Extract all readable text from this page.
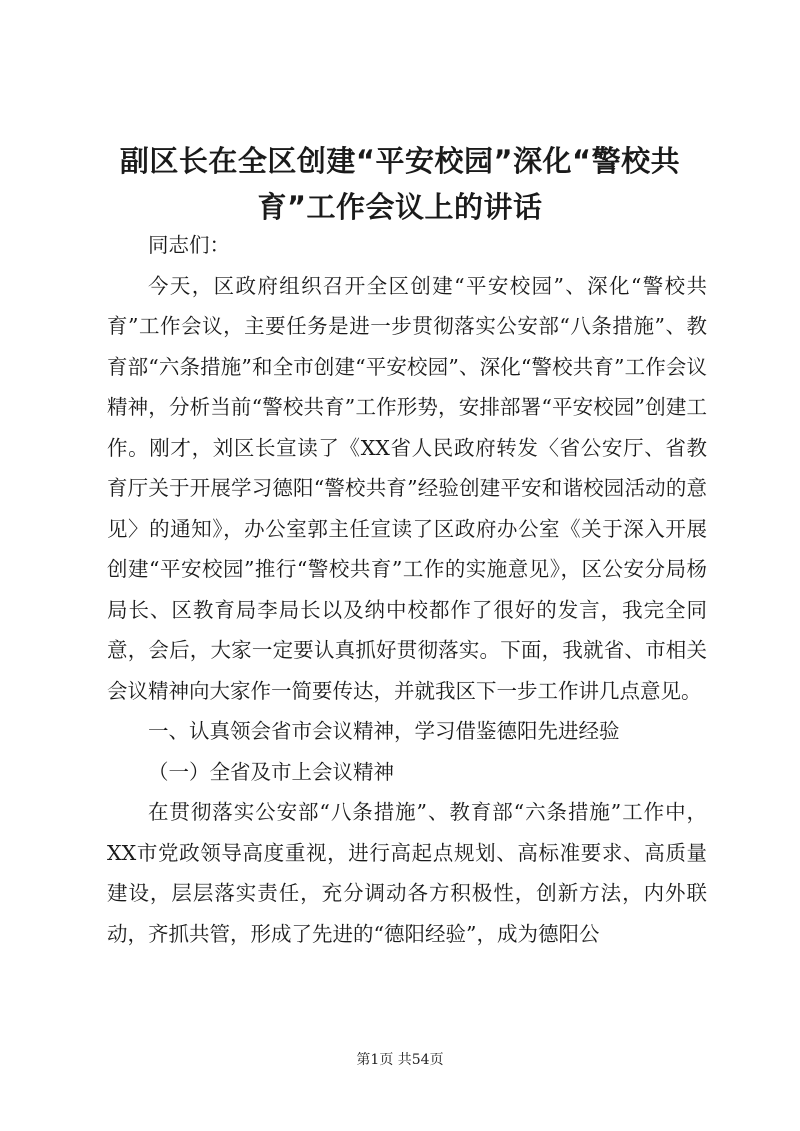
副区长在全区创建“平安校园”深化“警校共
育”工作会议上的讲话

同志们：

今天，区政府组织召开全区创建“平安校园”、深化“警校共育”工作会议，主要任务是进一步贯彻落实公安部“八条措施”、教育部“六条措施”和全市创建“平安校园”、深化“警校共育”工作会议精神，分析当前“警校共育”工作形势，安排部署“平安校园”创建工作。刚才，刘区长宣读了《XX省人民政府转发〈省公安厅、省教育厅关于开展学习德阳“警校共育”经验创建平安和谐校园活动的意见〉的通知》，办公室郭主任宣读了区政府办公室《关于深入开展创建“平安校园”推行“警校共育”工作的实施意见》，区公安分局杨局长、区教育局李局长以及纳中校都作了很好的发言，我完全同意，会后，大家一定要认真抓好贯彻落实。下面，我就省、市相关会议精神向大家作一简要传达，并就我区下一步工作讲几点意见。

一、认真领会省市会议精神，学习借鉴德阳先进经验

（一）全省及市上会议精神

在贯彻落实公安部“八条措施”、教育部“六条措施”工作中，XX市党政领导高度重视，进行高起点规划、高标准要求、高质量建设，层层落实责任，充分调动各方积极性，创新方法，内外联动，齐抓共管，形成了先进的“德阳经验”，成为德阳公

第1页 共54页
